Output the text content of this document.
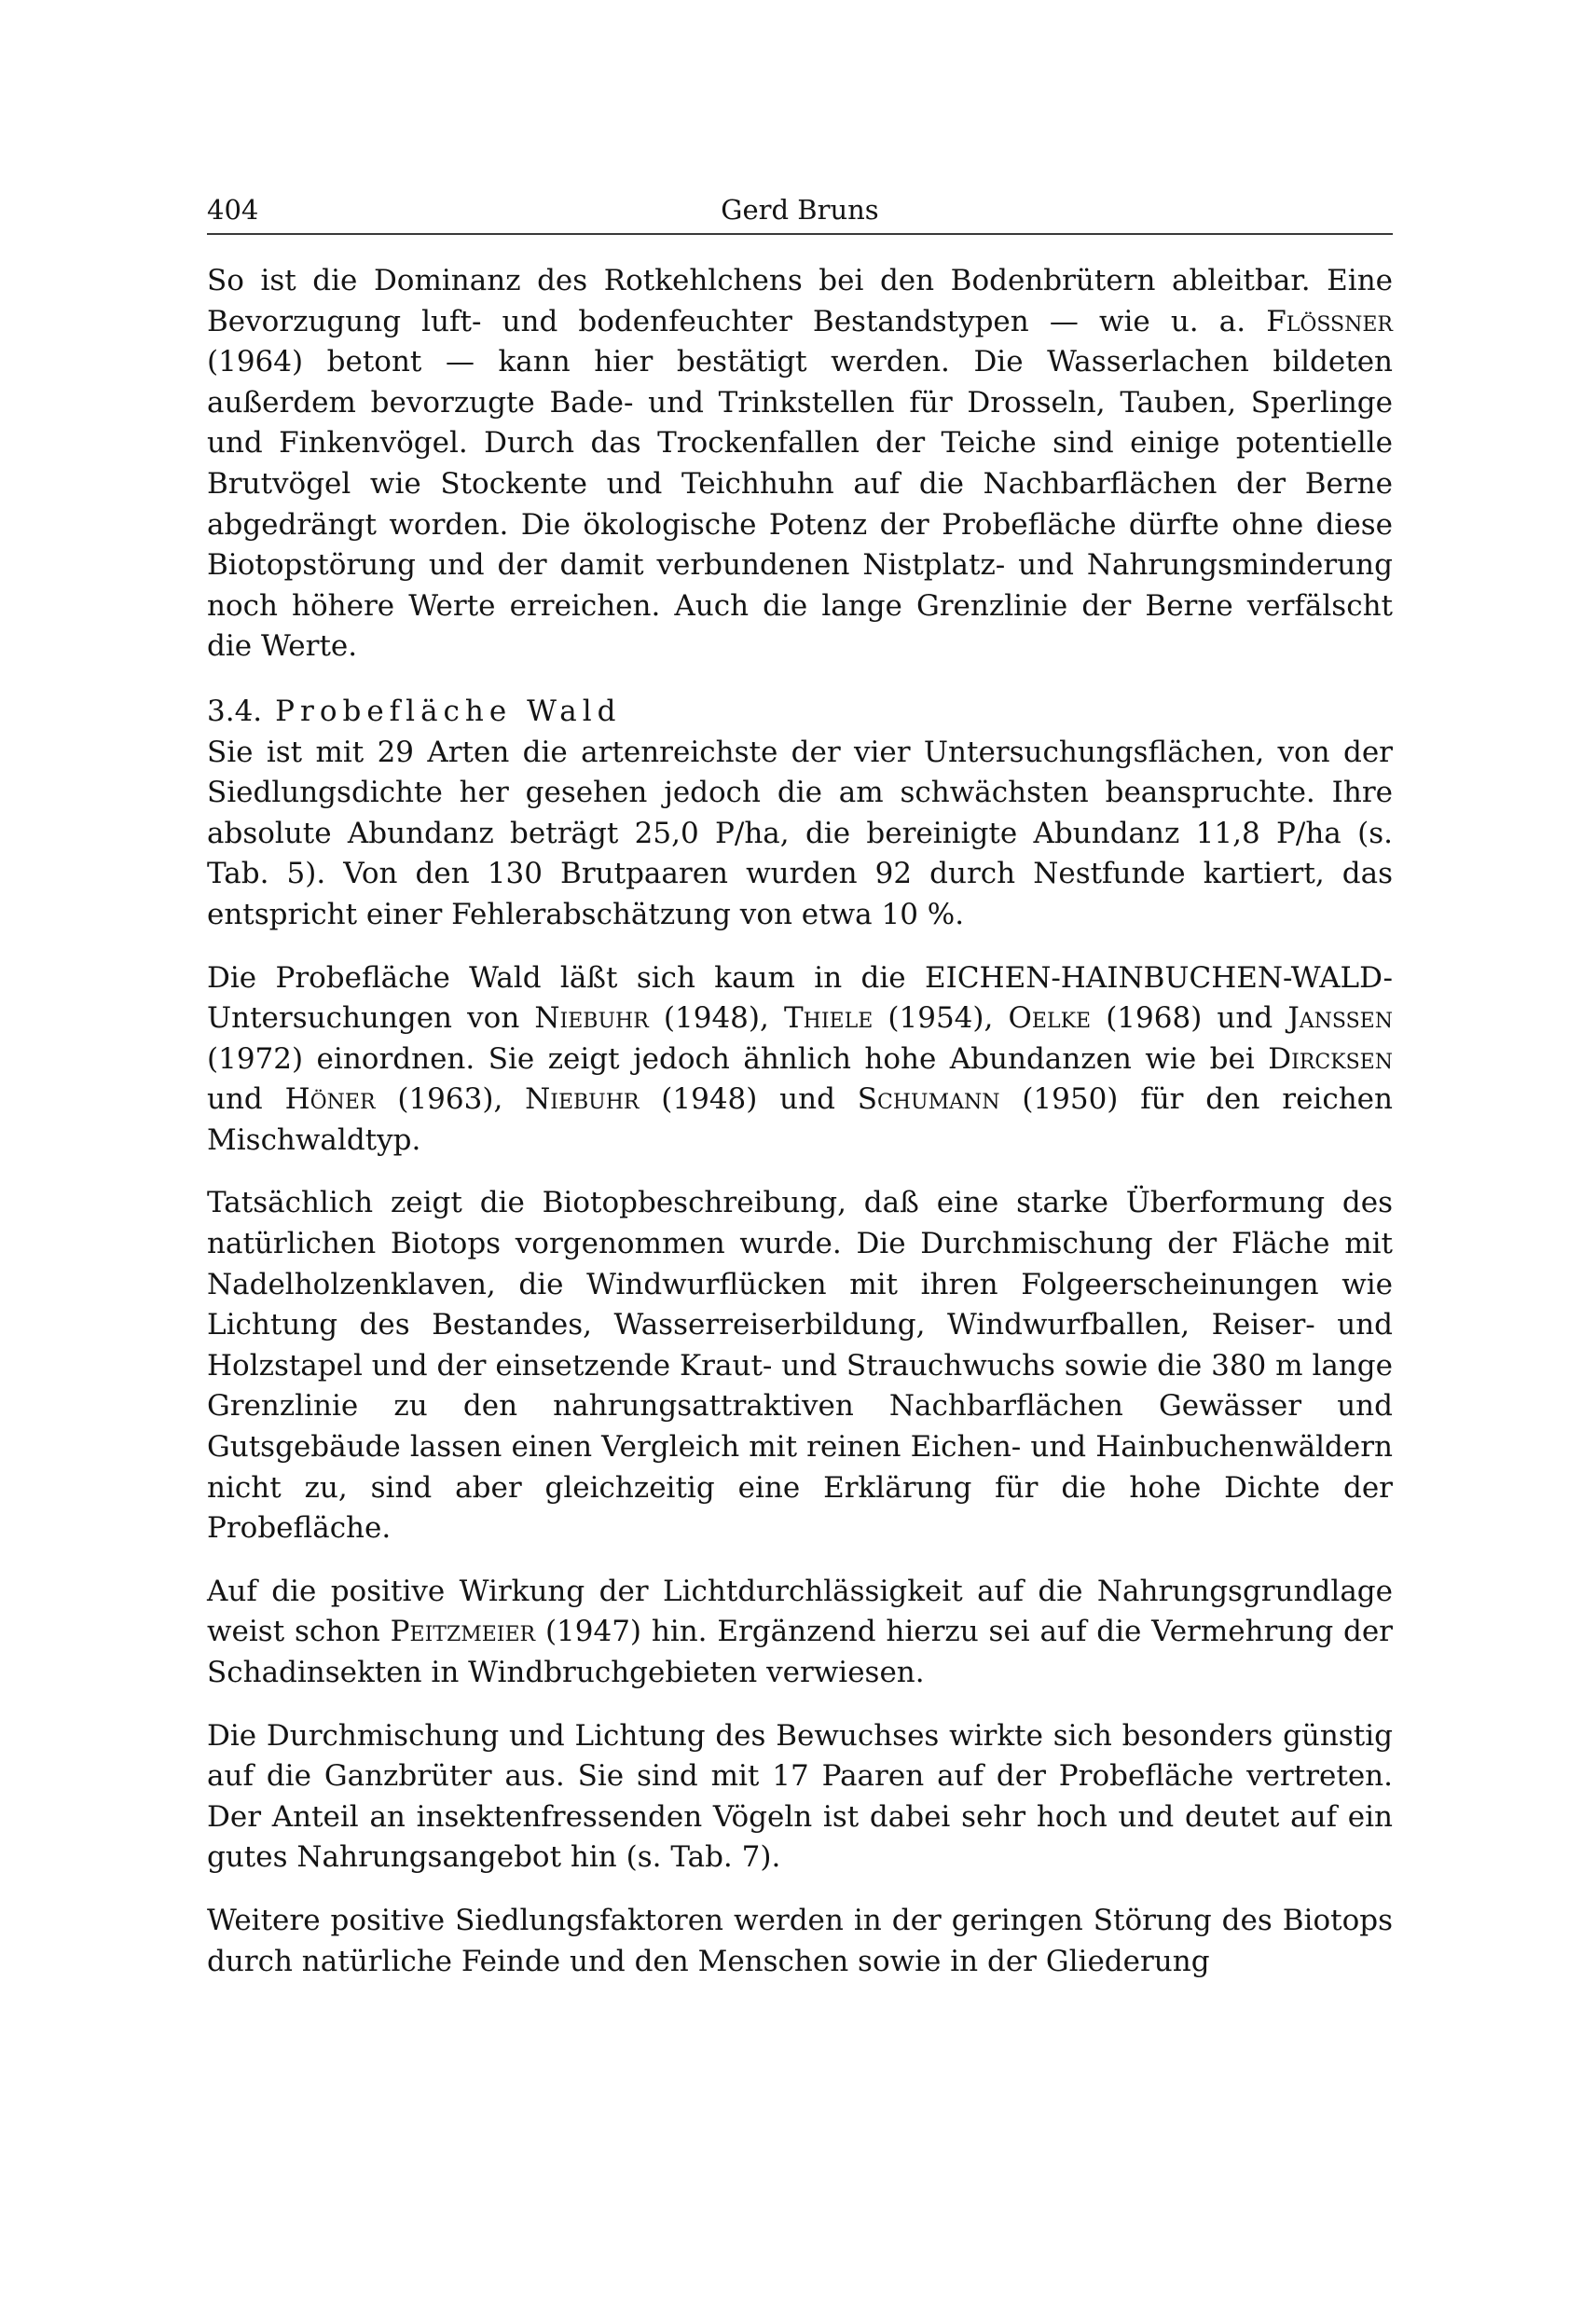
404	Gerd Bruns

So ist die Dominanz des Rotkehlchens bei den Bodenbrütern ableitbar. Eine Bevorzugung luft- und bodenfeuchter Bestandstypen — wie u. a. Flössner (1964) betont — kann hier bestätigt werden. Die Wasserlachen bildeten außerdem bevorzugte Bade- und Trinkstellen für Drosseln, Tauben, Sperlinge und Finkenvögel. Durch das Trockenfallen der Teiche sind einige potentielle Brutvögel wie Stockente und Teichhuhn auf die Nachbarflächen der Berne abgedrängt worden. Die ökologische Potenz der Probefläche dürfte ohne diese Biotopstörung und der damit verbundenen Nistplatz- und Nahrungsminderung noch höhere Werte erreichen. Auch die lange Grenzlinie der Berne verfälscht die Werte.

3.4. Probefläche Wald

Sie ist mit 29 Arten die artenreichste der vier Untersuchungsflächen, von der Siedlungsdichte her gesehen jedoch die am schwächsten beanspruchte. Ihre absolute Abundanz beträgt 25,0 P/ha, die bereinigte Abundanz 11,8 P/ha (s. Tab. 5). Von den 130 Brutpaaren wurden 92 durch Nestfunde kartiert, das entspricht einer Fehlerabschätzung von etwa 10 %.

Die Probefläche Wald läßt sich kaum in die EICHEN-HAINBUCHEN-WALD-Untersuchungen von Niebuhr (1948), Thiele (1954), Oelke (1968) und Janssen (1972) einordnen. Sie zeigt jedoch ähnlich hohe Abundanzen wie bei Dircksen und Höner (1963), Niebuhr (1948) und Schumann (1950) für den reichen Mischwaldtyp.

Tatsächlich zeigt die Biotopbeschreibung, daß eine starke Überformung des natürlichen Biotops vorgenommen wurde. Die Durchmischung der Fläche mit Nadelholzenklaven, die Windwurflücken mit ihren Folgeerscheinungen wie Lichtung des Bestandes, Wasserreiserbildung, Windwurfballen, Reiser- und Holzstapel und der einsetzende Kraut- und Strauchwuchs sowie die 380 m lange Grenzlinie zu den nahrungsattraktiven Nachbarflächen Gewässer und Gutsgebäude lassen einen Vergleich mit reinen Eichen- und Hainbuchenwäldern nicht zu, sind aber gleichzeitig eine Erklärung für die hohe Dichte der Probefläche.

Auf die positive Wirkung der Lichtdurchlässigkeit auf die Nahrungsgrundlage weist schon Peitzmeier (1947) hin. Ergänzend hierzu sei auf die Vermehrung der Schadinsekten in Windbruchgebieten verwiesen.

Die Durchmischung und Lichtung des Bewuchses wirkte sich besonders günstig auf die Ganzbrüter aus. Sie sind mit 17 Paaren auf der Probefläche vertreten. Der Anteil an insektenfressenden Vögeln ist dabei sehr hoch und deutet auf ein gutes Nahrungsangebot hin (s. Tab. 7).

Weitere positive Siedlungsfaktoren werden in der geringen Störung des Biotops durch natürliche Feinde und den Menschen sowie in der Gliederung
